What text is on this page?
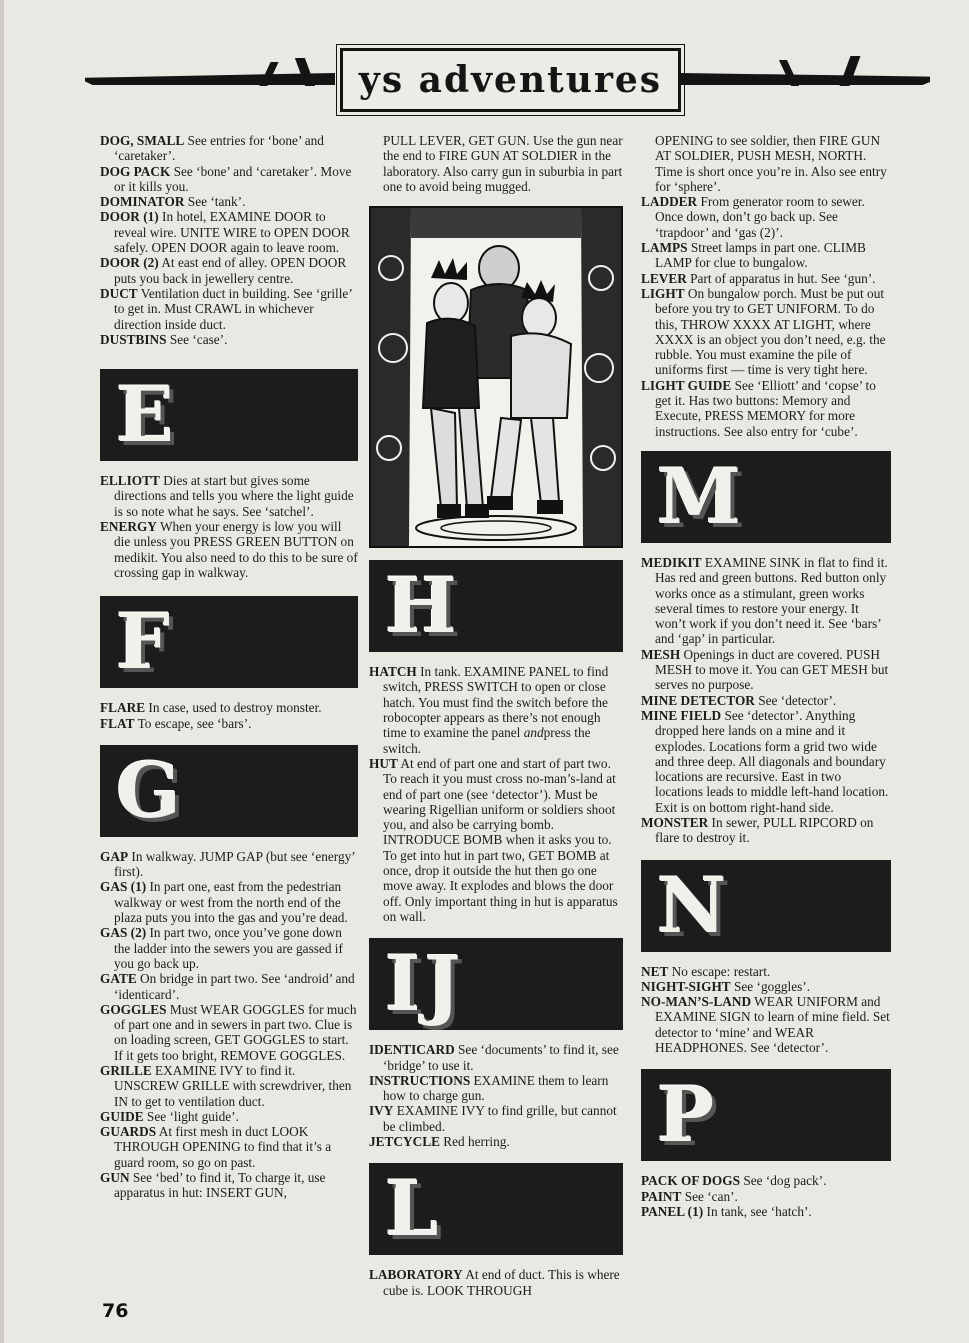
ys adventures
DOG, SMALL See entries for ‘bone’ and ‘caretaker’.
DOG PACK See ‘bone’ and ‘caretaker’. Move or it kills you.
DOMINATOR See ‘tank’.
DOOR (1) In hotel, EXAMINE DOOR to reveal wire. UNITE WIRE to OPEN DOOR safely. OPEN DOOR again to leave room.
DOOR (2) At east end of alley. OPEN DOOR puts you back in jewellery centre.
DUCT Ventilation duct in building. See ‘grille’ to get in. Must CRAWL in whichever direction inside duct.
DUSTBINS See ‘case’.
E
ELLIOTT Dies at start but gives some directions and tells you where the light guide is so note what he says. See ‘satchel’.
ENERGY When your energy is low you will die unless you PRESS GREEN BUTTON on medikit. You also need to do this to be sure of crossing gap in walkway.
F
FLARE In case, used to destroy monster.
FLAT To escape, see ‘bars’.
G
GAP In walkway. JUMP GAP (but see ‘energy’ first).
GAS (1) In part one, east from the pedestrian walkway or west from the north end of the plaza puts you into the gas and you’re dead.
GAS (2) In part two, once you’ve gone down the ladder into the sewers you are gassed if you go back up.
GATE On bridge in part two. See ‘android’ and ‘identicard’.
GOGGLES Must WEAR GOGGLES for much of part one and in sewers in part two. Clue is on loading screen, GET GOGGLES to start. If it gets too bright, REMOVE GOGGLES.
GRILLE EXAMINE IVY to find it. UNSCREW GRILLE with screwdriver, then IN to get to ventilation duct.
GUIDE See ‘light guide’.
GUARDS At first mesh in duct LOOK THROUGH OPENING to find that it’s a guard room, so go on past.
GUN See ‘bed’ to find it, To charge it, use apparatus in hut: INSERT GUN,
PULL LEVER, GET GUN. Use the gun near the end to FIRE GUN AT SOLDIER in the laboratory. Also carry gun in suburbia in part one to avoid being mugged.
H
HATCH In tank. EXAMINE PANEL to find switch, PRESS SWITCH to open or close hatch. You must find the switch before the robocopter appears as there’s not enough time to examine the panel andpress the switch.
HUT At end of part one and start of part two. To reach it you must cross no-man’s-land at end of part one (see ‘detector’). Must be wearing Rigellian uniform or soldiers shoot you, and also be carrying bomb. INTRODUCE BOMB when it asks you to. To get into hut in part two, GET BOMB at once, drop it outside the hut then go one move away. It explodes and blows the door off. Only important thing in hut is apparatus on wall.
I J
IDENTICARD See ‘documents’ to find it, see ‘bridge’ to use it.
INSTRUCTIONS EXAMINE them to learn how to charge gun.
IVY EXAMINE IVY to find grille, but cannot be climbed.
JETCYCLE Red herring.
L
LABORATORY At end of duct. This is where cube is. LOOK THROUGH
OPENING to see soldier, then FIRE GUN AT SOLDIER, PUSH MESH, NORTH. Time is short once you’re in. Also see entry for ‘sphere’.
LADDER From generator room to sewer. Once down, don’t go back up. See ‘trapdoor’ and ‘gas (2)’.
LAMPS Street lamps in part one. CLIMB LAMP for clue to bungalow.
LEVER Part of apparatus in hut. See ‘gun’.
LIGHT On bungalow porch. Must be put out before you try to GET UNIFORM. To do this, THROW XXXX AT LIGHT, where XXXX is an object you don’t need, e.g. the rubble. You must examine the pile of uniforms first — time is very tight here.
LIGHT GUIDE See ‘Elliott’ and ‘copse’ to get it. Has two buttons: Memory and Execute, PRESS MEMORY for more instructions. See also entry for ‘cube’.
M
MEDIKIT EXAMINE SINK in flat to find it. Has red and green buttons. Red button only works once as a stimulant, green works several times to restore your energy. It won’t work if you don’t need it. See ‘bars’ and ‘gap’ in particular.
MESH Openings in duct are covered. PUSH MESH to move it. You can GET MESH but serves no purpose.
MINE DETECTOR See ‘detector’.
MINE FIELD See ‘detector’. Anything dropped here lands on a mine and it explodes. Locations form a grid two wide and three deep. All diagonals and boundary locations are recursive. East in two locations leads to middle left-hand location. Exit is on bottom right-hand side.
MONSTER In sewer, PULL RIPCORD on flare to destroy it.
N
NET No escape: restart.
NIGHT-SIGHT See ‘goggles’.
NO-MAN’S-LAND WEAR UNIFORM and EXAMINE SIGN to learn of mine field. Set detector to ‘mine’ and WEAR HEADPHONES. See ‘detector’.
P
PACK OF DOGS See ‘dog pack’.
PAINT See ‘can’.
PANEL (1) In tank, see ‘hatch’.
76
